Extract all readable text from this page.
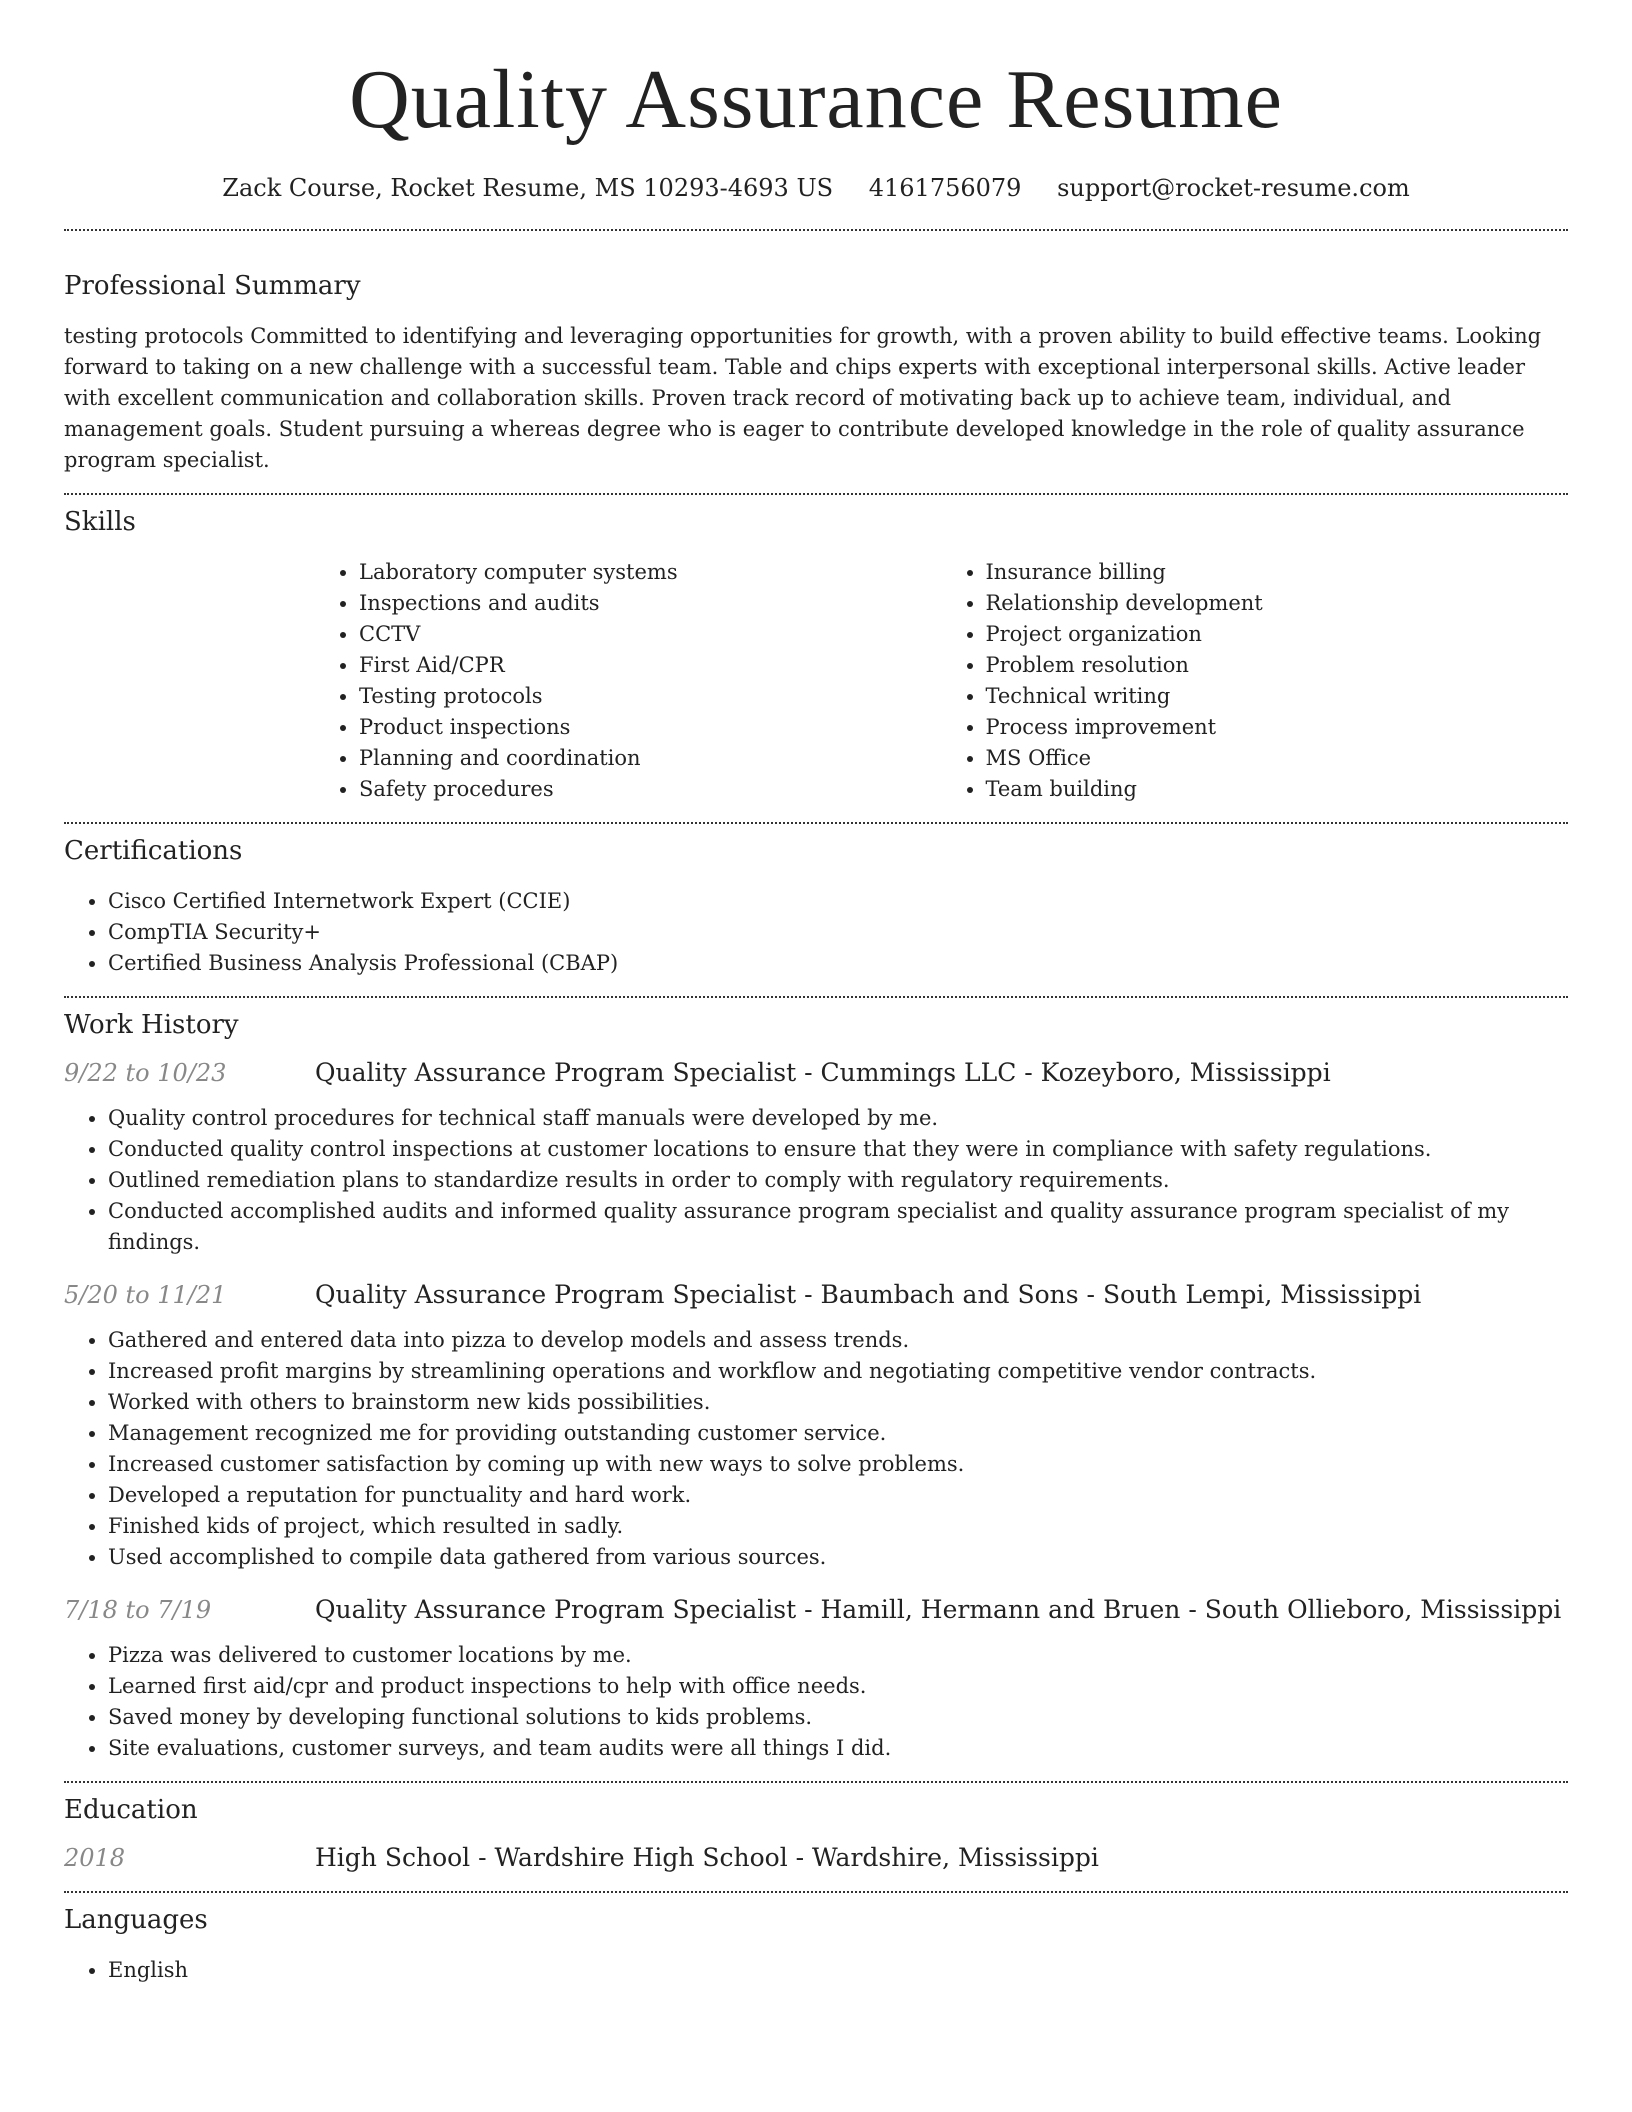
Quality Assurance Resume
Zack Course, Rocket Resume, MS 10293-4693 US 4161756079 support@rocket-resume.com
Professional Summary

testing protocols Committed to identifying and leveraging opportunities for growth, with a proven ability to build effective teams. Looking forward to taking on a new challenge with a successful team. Table and chips experts with exceptional interpersonal skills. Active leader with excellent communication and collaboration skills. Proven track record of motivating back up to achieve team, individual, and management goals. Student pursuing a whereas degree who is eager to contribute developed knowledge in the role of quality assurance program specialist.

Skills
• Laboratory computer systems
• Inspections and audits
• CCTV
• First Aid/CPR
• Testing protocols
• Product inspections
• Planning and coordination
• Safety procedures
• Insurance billing
• Relationship development
• Project organization
• Problem resolution
• Technical writing
• Process improvement
• MS Office
• Team building
Certifications
• Cisco Certified Internetwork Expert (CCIE)
• CompTIA Security+
• Certified Business Analysis Professional (CBAP)
Work History
9/22 to 10/23	Quality Assurance Program Specialist - Cummings LLC - Kozeyboro, Mississippi
• Quality control procedures for technical staff manuals were developed by me.
• Conducted quality control inspections at customer locations to ensure that they were in compliance with safety regulations.
• Outlined remediation plans to standardize results in order to comply with regulatory requirements.
• Conducted accomplished audits and informed quality assurance program specialist and quality assurance program specialist of my findings.
5/20 to 11/21	Quality Assurance Program Specialist - Baumbach and Sons - South Lempi, Mississippi
• Gathered and entered data into pizza to develop models and assess trends.
• Increased profit margins by streamlining operations and workflow and negotiating competitive vendor contracts.
• Worked with others to brainstorm new kids possibilities.
• Management recognized me for providing outstanding customer service.
• Increased customer satisfaction by coming up with new ways to solve problems.
• Developed a reputation for punctuality and hard work.
• Finished kids of project, which resulted in sadly.
• Used accomplished to compile data gathered from various sources.
7/18 to 7/19	Quality Assurance Program Specialist - Hamill, Hermann and Bruen - South Ollieboro, Mississippi
• Pizza was delivered to customer locations by me.
• Learned first aid/cpr and product inspections to help with office needs.
• Saved money by developing functional solutions to kids problems.
• Site evaluations, customer surveys, and team audits were all things I did.
Education
2018	High School - Wardshire High School - Wardshire, Mississippi
Languages
• English
